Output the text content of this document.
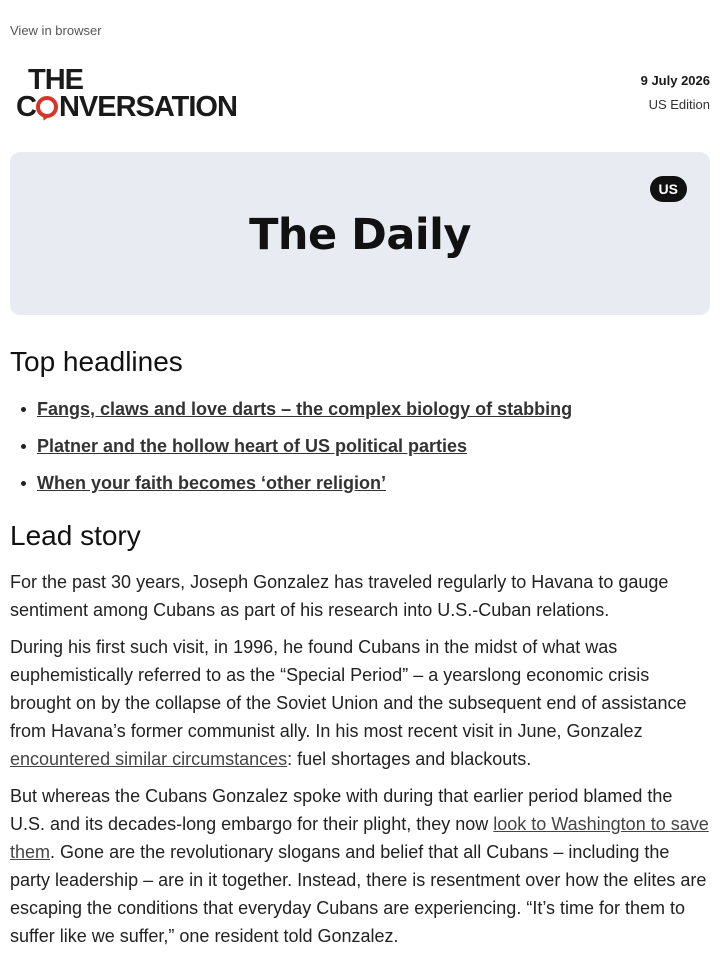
View in browser
THE
C NVERSATION
9 July 2026
US Edition
US
The Daily
Top headlines
Fangs, claws and love darts – the complex biology of stabbing
Platner and the hollow heart of US political parties
When your faith becomes ‘other religion’
Lead story

For the past 30 years, Joseph Gonzalez has traveled regularly to Havana to gauge sentiment among Cubans as part of his research into U.S.-Cuban relations.

During his first such visit, in 1996, he found Cubans in the midst of what was euphemistically referred to as the “Special Period” – a yearslong economic crisis brought on by the collapse of the Soviet Union and the subsequent end of assistance from Havana’s former communist ally. In his most recent visit in June, Gonzalez encountered similar circumstances: fuel shortages and blackouts.

But whereas the Cubans Gonzalez spoke with during that earlier period blamed the U.S. and its decades-long embargo for their plight, they now look to Washington to save them. Gone are the revolutionary slogans and belief that all Cubans – including the party leadership – are in it together. Instead, there is resentment over how the elites are escaping the conditions that everyday Cubans are experiencing. “It’s time for them to suffer like we suffer,” one resident told Gonzalez.
